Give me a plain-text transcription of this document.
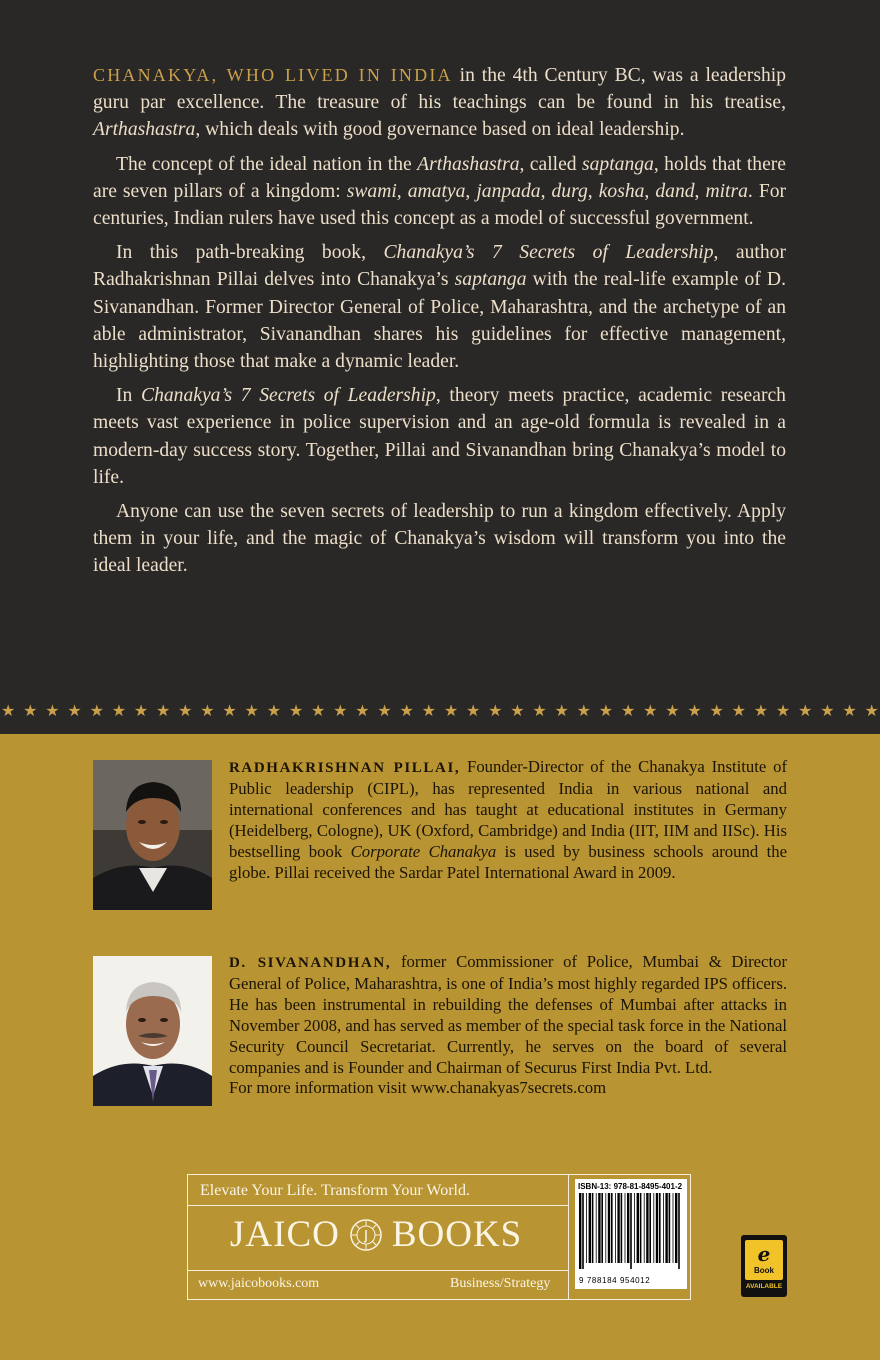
CHANAKYA, WHO LIVED IN INDIA in the 4th Century BC, was a leadership guru par excellence. The treasure of his teachings can be found in his treatise, Arthashastra, which deals with good governance based on ideal leadership.

The concept of the ideal nation in the Arthashastra, called saptanga, holds that there are seven pillars of a kingdom: swami, amatya, janpada, durg, kosha, dand, mitra. For centuries, Indian rulers have used this concept as a model of successful government.

In this path-breaking book, Chanakya’s 7 Secrets of Leadership, author Radhakrishnan Pillai delves into Chanakya’s saptanga with the real-life example of D. Sivanandhan. Former Director General of Police, Maharashtra, and the archetype of an able administrator, Sivanandhan shares his guidelines for effective management, highlighting those that make a dynamic leader.

In Chanakya’s 7 Secrets of Leadership, theory meets practice, academic research meets vast experience in police supervision and an age-old formula is revealed in a modern-day success story. Together, Pillai and Sivanandhan bring Chanakya’s model to life.

Anyone can use the seven secrets of leadership to run a kingdom effectively. Apply them in your life, and the magic of Chanakya’s wisdom will transform you into the ideal leader.

★ ★ ★ ★ ★ ★ ★ ★ ★ ★ ★ ★ ★ ★ ★ ★ ★ ★ ★ ★ ★ ★ ★ ★ ★ ★ ★ ★ ★ ★ ★ ★ ★ ★ ★ ★ ★ ★ ★ ★

RADHAKRISHNAN PILLAI, Founder-Director of the Chanakya Institute of Public leadership (CIPL), has represented India in various national and international conferences and has taught at educational institutes in Germany (Heidelberg, Cologne), UK (Oxford, Cambridge) and India (IIT, IIM and IISc). His bestselling book Corporate Chanakya is used by business schools around the globe. Pillai received the Sardar Patel International Award in 2009.

D. SIVANANDHAN, former Commissioner of Police, Mumbai & Director General of Police, Maharashtra, is one of India’s most highly regarded IPS officers. He has been instrumental in rebuilding the defenses of Mumbai after attacks in November 2008, and has served as member of the special task force in the National Security Council Secretariat. Currently, he serves on the board of several companies and is Founder and Chairman of Securus First India Pvt. Ltd.

For more information visit www.chanakyas7secrets.com

Elevate Your Life. Transform Your World.
JAICO BOOKS
www.jaicobooks.com	Business/Strategy
ISBN-13: 978-81-8495-401-2
9 788184 954012
e
Book
AVAILABLE
